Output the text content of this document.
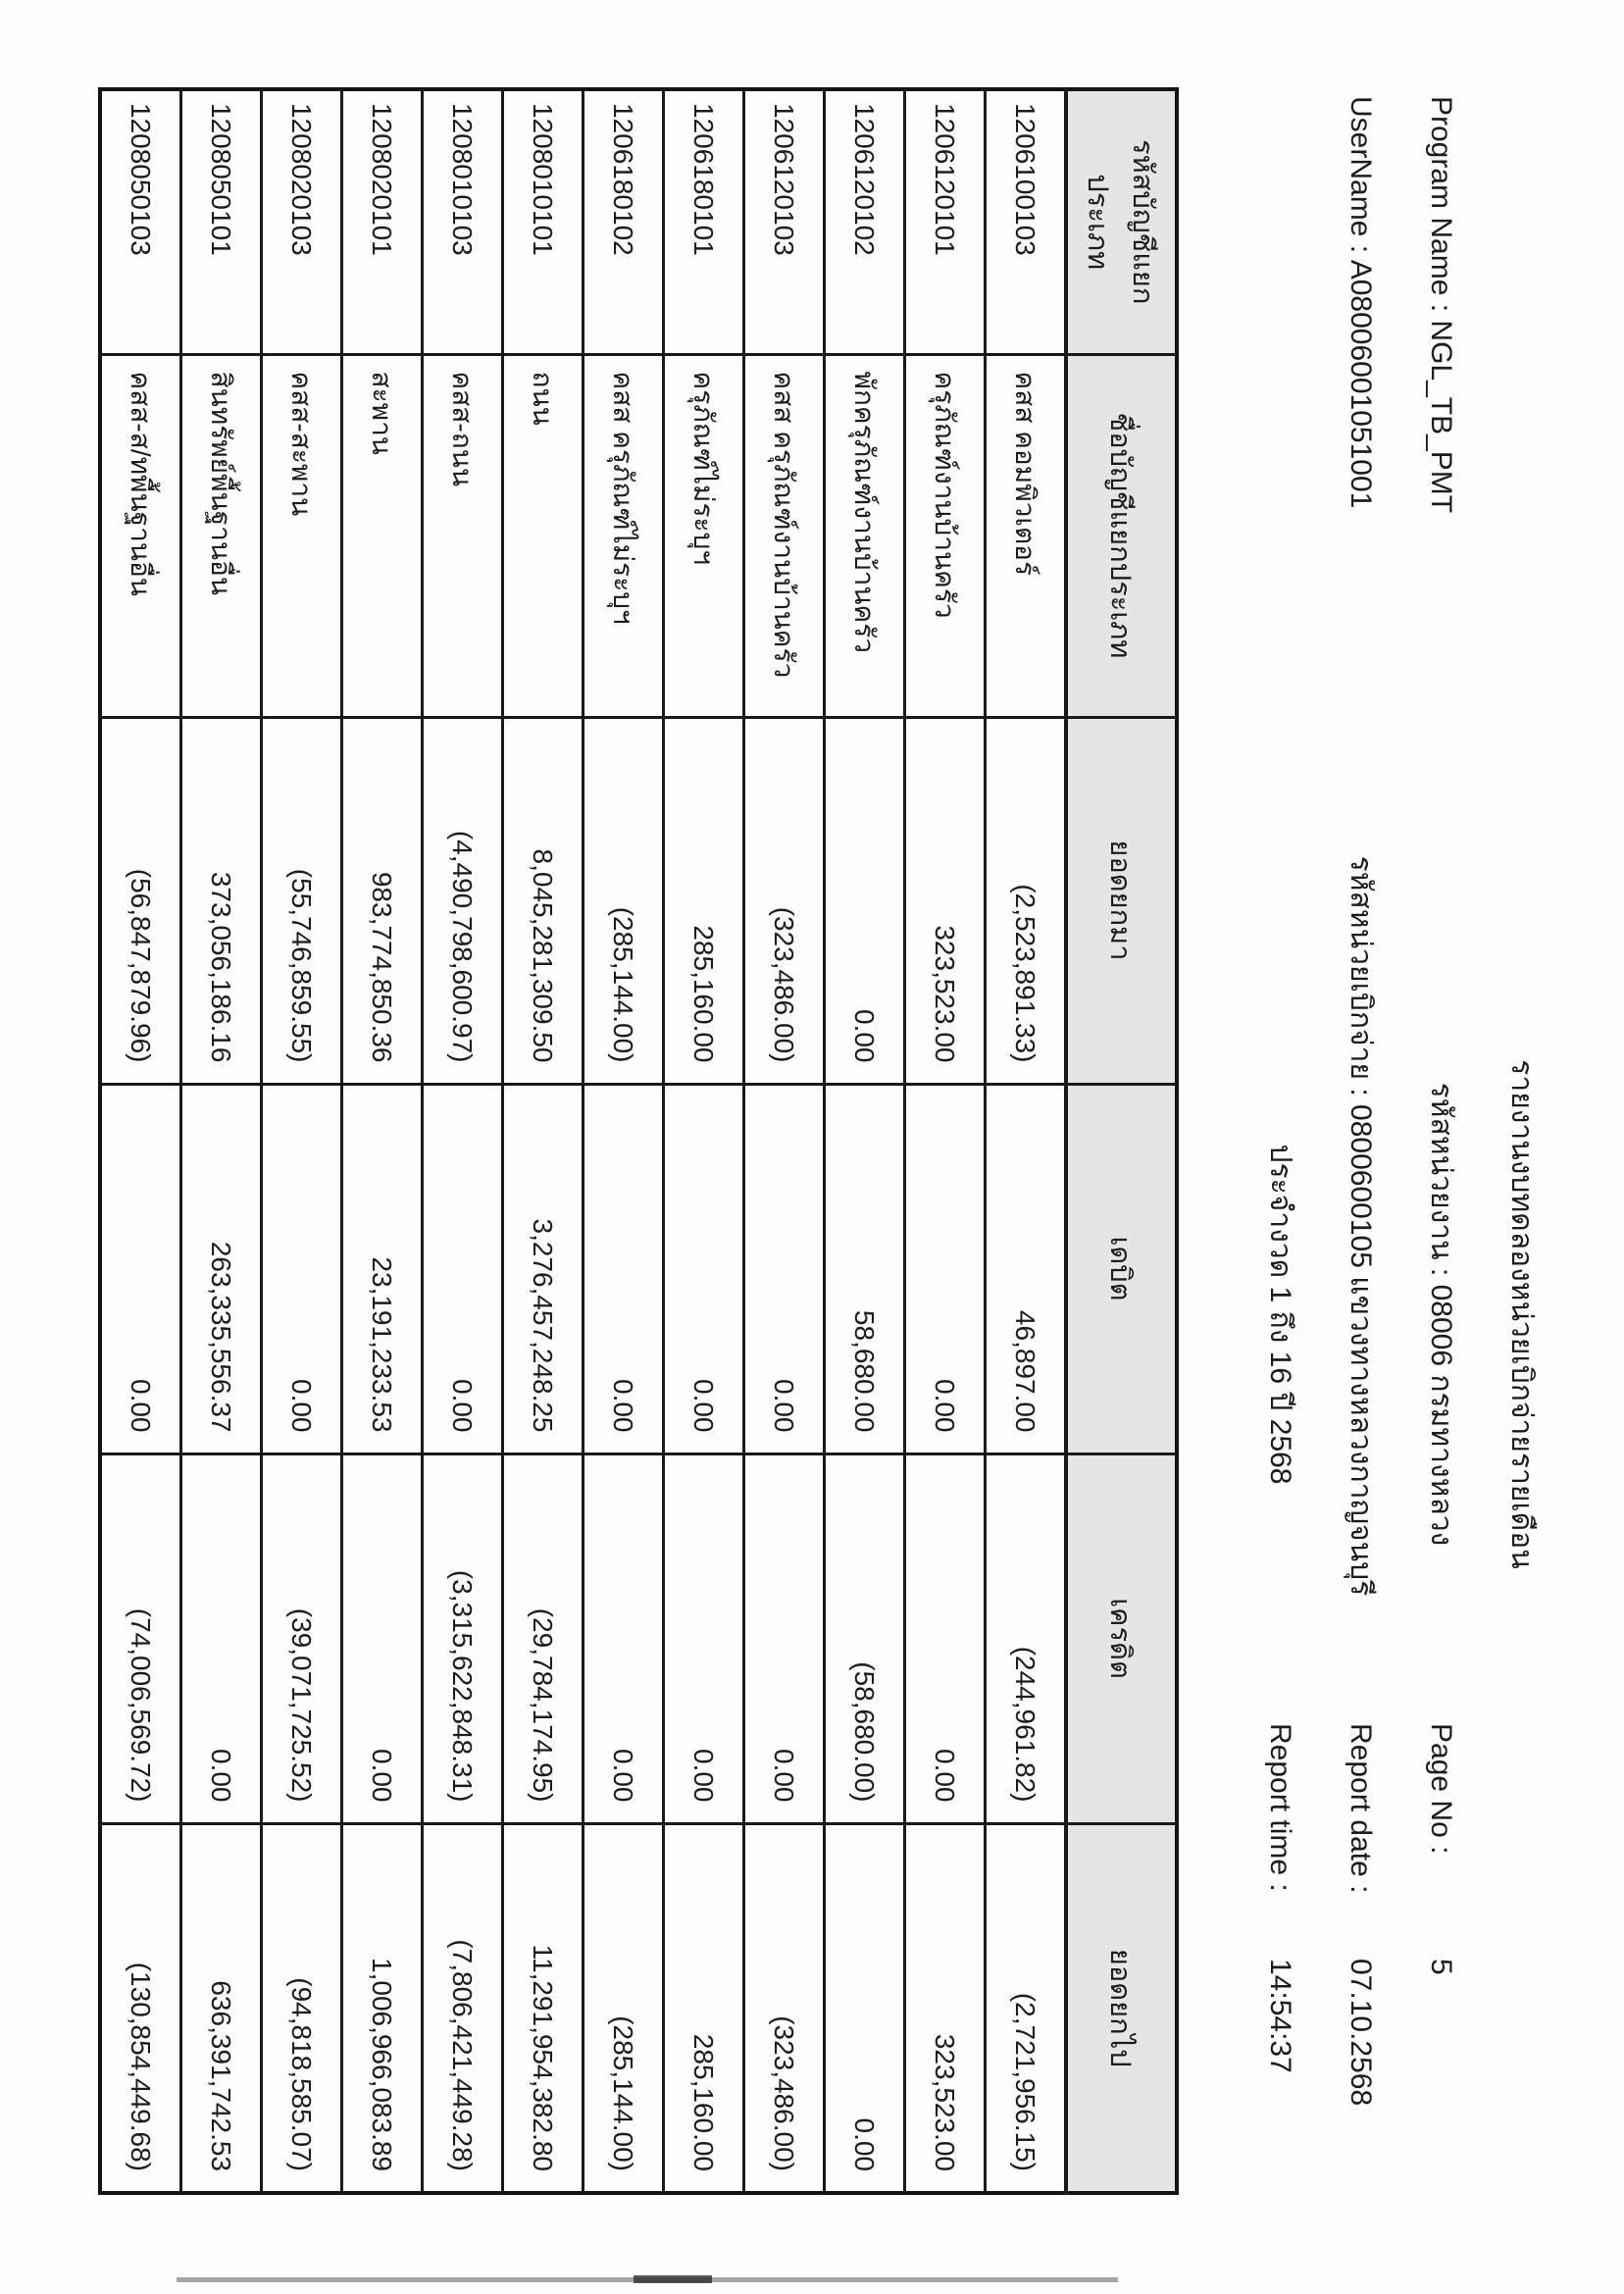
รายงานงบทดลองหน่วยเบิกจ่ายรายเดือน
Program Name : NGL_TB_PMT
รหัสหน่วยงาน : 08006 กรมทางหลวง
Page No :
5
UserName : A08006001051001
รหัสหน่วยเบิกจ่าย : 0800600105 แขวงทางหลวงกาญจนบุรี
Report date :
07.10.2568
ประจำงวด 1 ถึง 16 ปี 2568
Report time :
14:54:37
รหัสบัญชีแยกประเภท	ชื่อบัญชีแยกประเภท	ยอดยกมา	เดบิต	เครดิต	ยอดยกไป
1206100103	คสส คอมพิวเตอร์	(2,523,891.33)	46,897.00	(244,961.82)	(2,721,956.15)
1206120101	ครุภัณฑ์งานบ้านครัว	323,523.00	0.00	0.00	323,523.00
1206120102	พักครุภัณฑ์งานบ้านครัว	0.00	58,680.00	(58,680.00)	0.00
1206120103	คสส ครุภัณฑ์งานบ้านครัว	(323,486.00)	0.00	0.00	(323,486.00)
1206180101	ครุภัณฑ์ไม่ระบุฯ	285,160.00	0.00	0.00	285,160.00
1206180102	คสส ครุภัณฑ์ไม่ระบุฯ	(285,144.00)	0.00	0.00	(285,144.00)
1208010101	ถนน	8,045,281,309.50	3,276,457,248.25	(29,784,174.95)	11,291,954,382.80
1208010103	คสส-ถนน	(4,490,798,600.97)	0.00	(3,315,622,848.31)	(7,806,421,449.28)
1208020101	สะพาน	983,774,850.36	23,191,233.53	0.00	1,006,966,083.89
1208020103	คสส-สะพาน	(55,746,859.55)	0.00	(39,071,725.52)	(94,818,585.07)
1208050101	สินทรัพย์พื้นฐานอื่น	373,056,186.16	263,335,556.37	0.00	636,391,742.53
1208050103	คสส-ส/ทพื้นฐานอื่น	(56,847,879.96)	0.00	(74,006,569.72)	(130,854,449.68)
